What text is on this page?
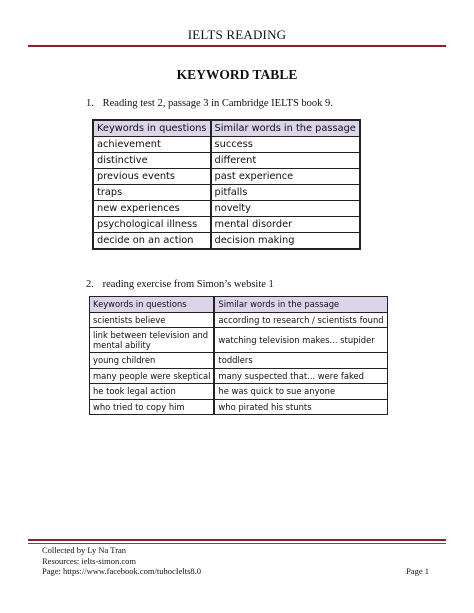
IELTS READING
KEYWORD TABLE
1. Reading test 2, passage 3 in Cambridge IELTS book 9.
Keywords in questions	Similar words in the passage
achievement	success
distinctive	different
previous events	past experience
traps	pitfalls
new experiences	novelty
psychological illness	mental disorder
decide on an action	decision making
2. reading exercise from Simon’s website 1
Keywords in questions	Similar words in the passage
scientists believe	according to research / scientists found
link between television and mental ability	watching television makes... stupider
young children	toddlers
many people were skeptical	many suspected that... were faked
he took legal action	he was quick to sue anyone
who tried to copy him	who pirated his stunts
Collected by Ly Na Tran
Resources: ielts-simon.com
Page: https://www.facebook.com/tuhocIelts8.0	Page 1
